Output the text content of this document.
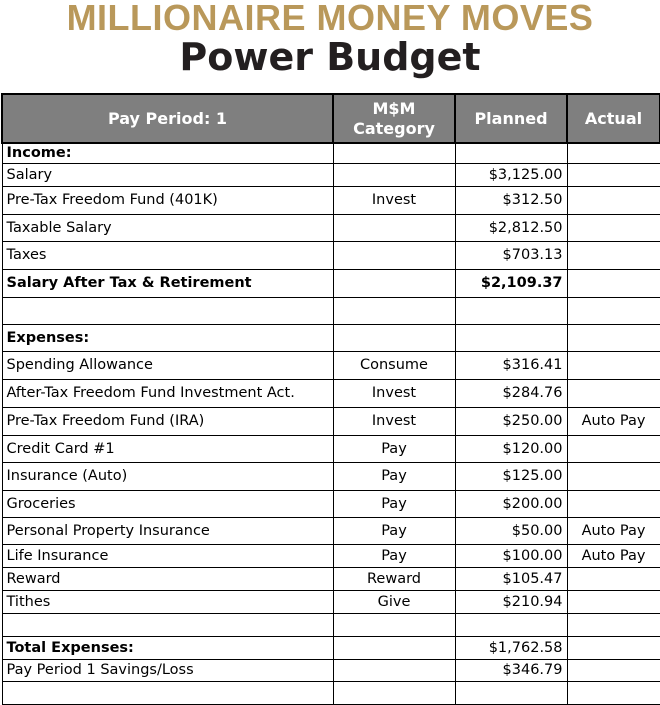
MILLIONAIRE MONEY MOVES
Power Budget
Pay Period: 1	M$M Category	Planned	Actual
Income:			
Salary		$3,125.00	
Pre-Tax Freedom Fund (401K)	Invest	$312.50	
Taxable Salary		$2,812.50	
Taxes		$703.13	
Salary After Tax & Retirement		$2,109.37	

Expenses:			
Spending Allowance	Consume	$316.41	
After-Tax Freedom Fund Investment Act.	Invest	$284.76	
Pre-Tax Freedom Fund (IRA)	Invest	$250.00	Auto Pay
Credit Card #1	Pay	$120.00	
Insurance (Auto)	Pay	$125.00	
Groceries	Pay	$200.00	
Personal Property Insurance	Pay	$50.00	Auto Pay
Life Insurance	Pay	$100.00	Auto Pay
Reward	Reward	$105.47	
Tithes	Give	$210.94	

Total Expenses:		$1,762.58	
Pay Period 1 Savings/Loss		$346.79	
